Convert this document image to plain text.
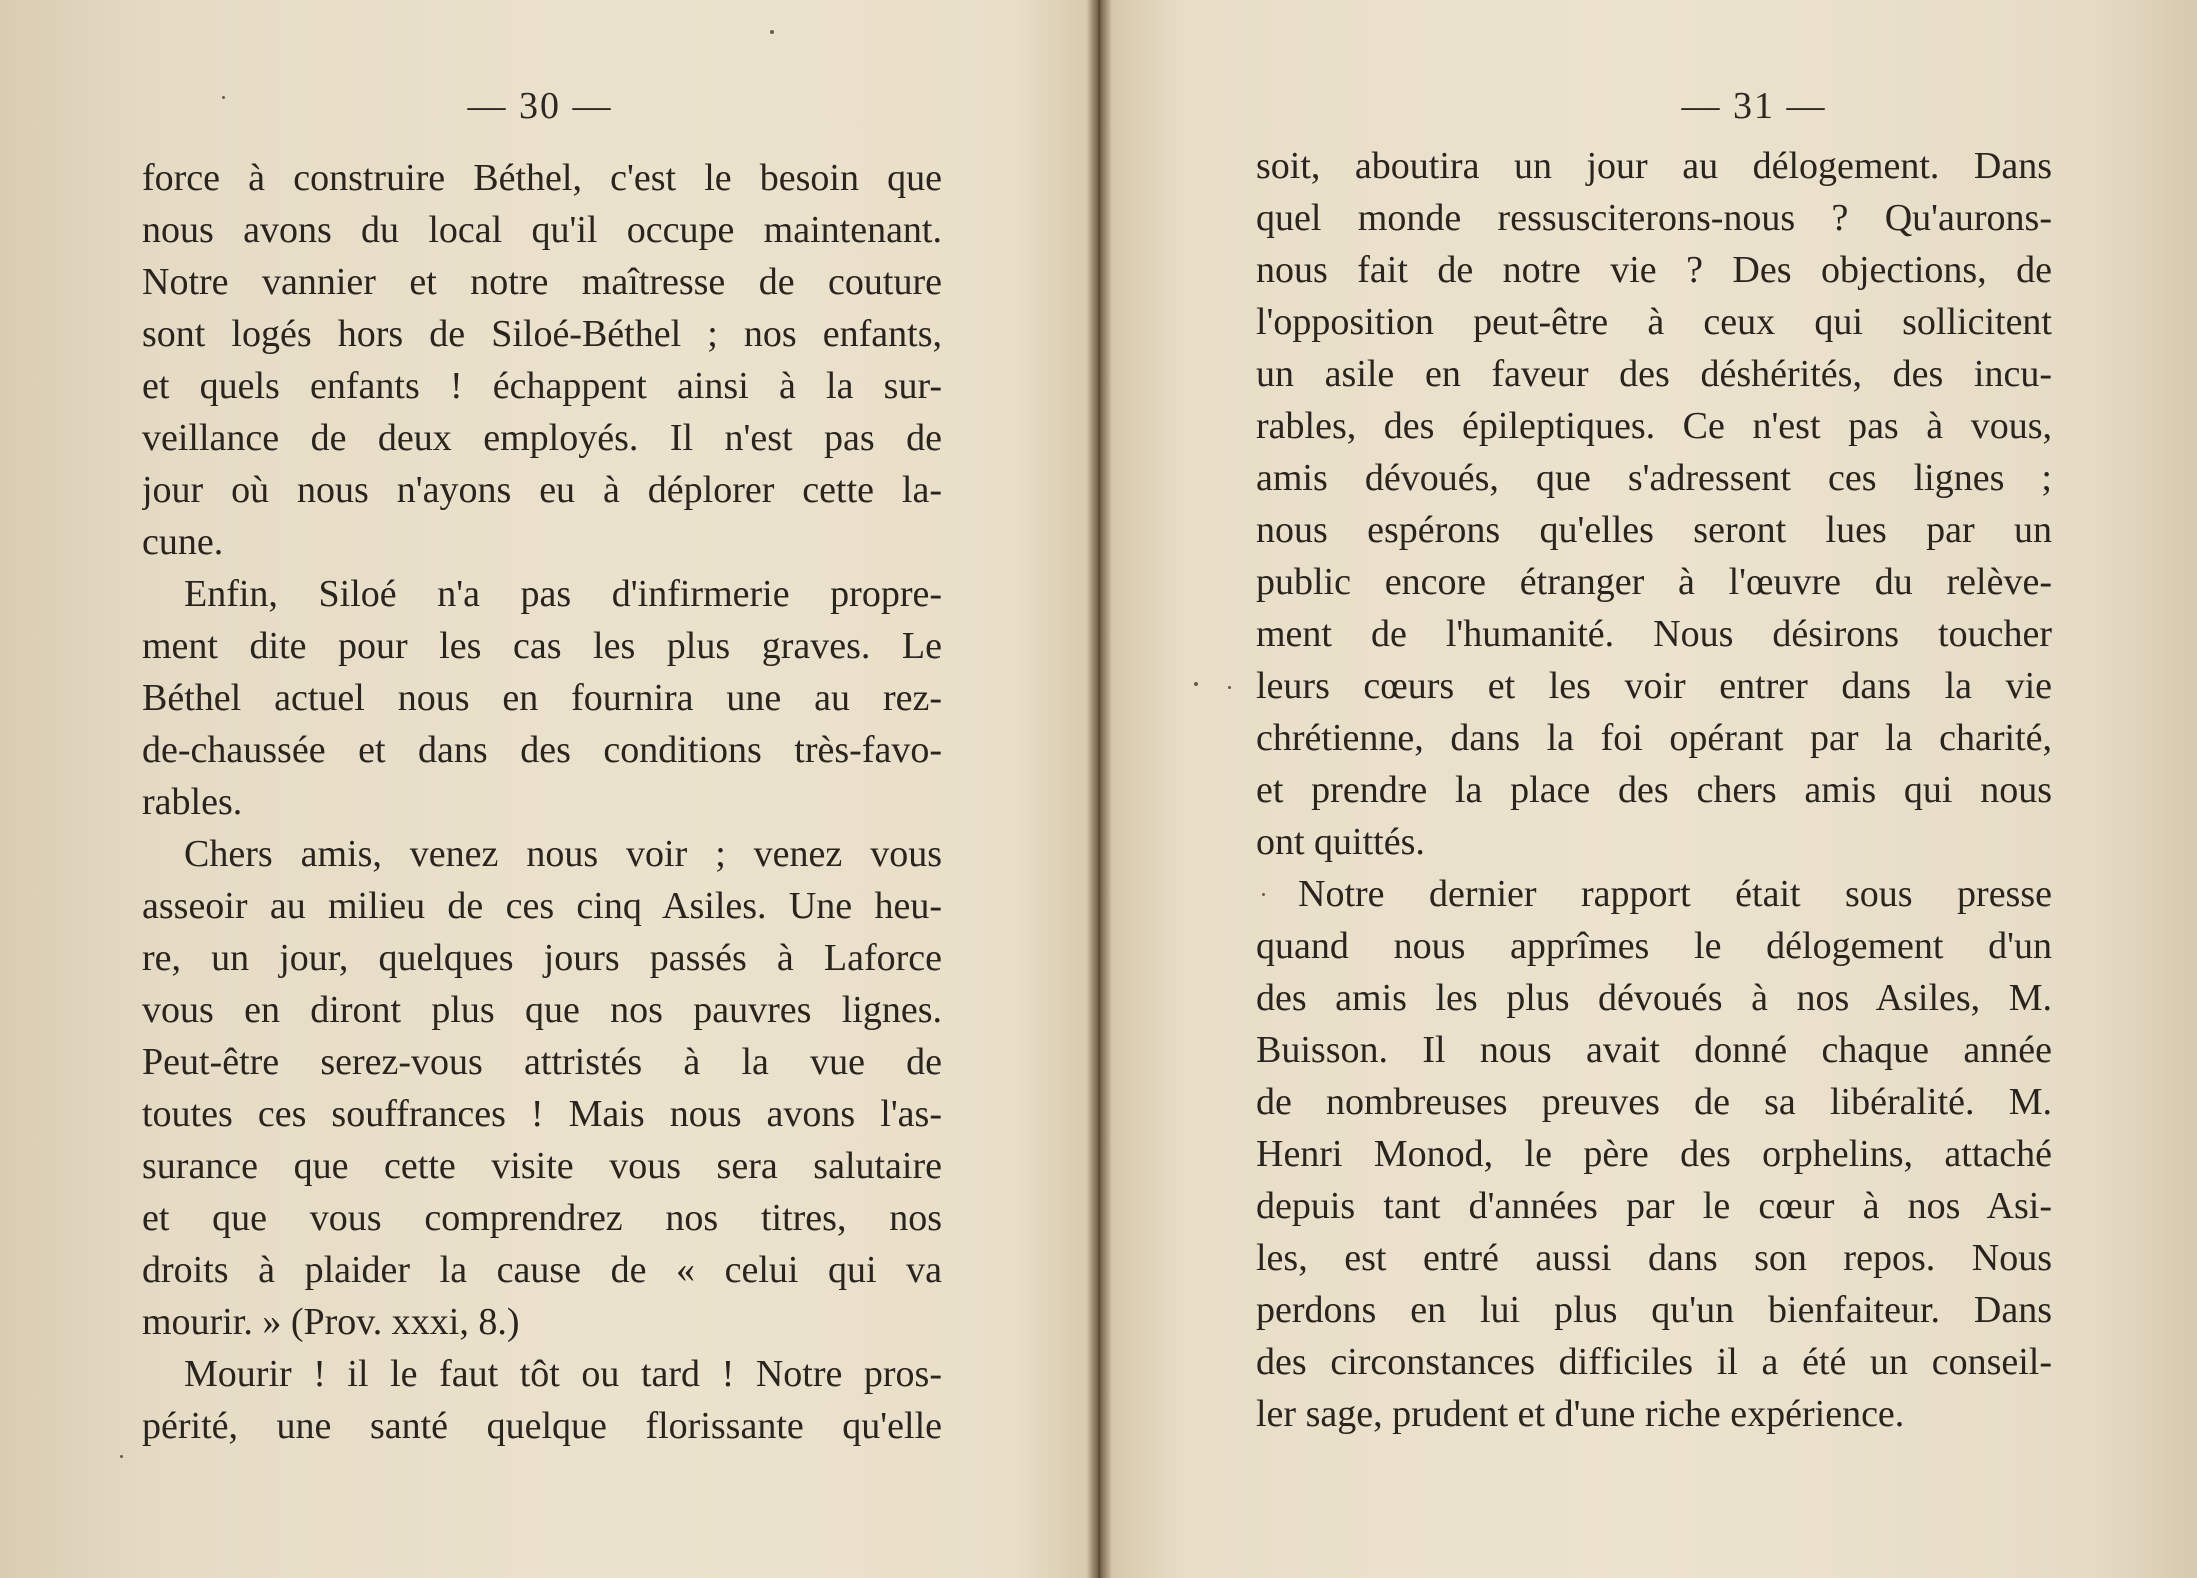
— 30 —
force à construire Béthel, c'est le besoin que
nous avons du local qu'il occupe maintenant.
Notre vannier et notre maîtresse de couture
sont logés hors de Siloé-Béthel ; nos enfants,
et quels enfants ! échappent ainsi à la sur-
veillance de deux employés. Il n'est pas de
jour où nous n'ayons eu à déplorer cette la-
cune.
Enfin, Siloé n'a pas d'infirmerie propre-
ment dite pour les cas les plus graves. Le
Béthel actuel nous en fournira une au rez-
de-chaussée et dans des conditions très-favo-
rables.
Chers amis, venez nous voir ; venez vous
asseoir au milieu de ces cinq Asiles. Une heu-
re, un jour, quelques jours passés à Laforce
vous en diront plus que nos pauvres lignes.
Peut-être serez-vous attristés à la vue de
toutes ces souffrances ! Mais nous avons l'as-
surance que cette visite vous sera salutaire
et que vous comprendrez nos titres, nos
droits à plaider la cause de « celui qui va
mourir. » (Prov. xxxi, 8.)
Mourir ! il le faut tôt ou tard ! Notre pros-
périté, une santé quelque florissante qu'elle
— 31 —
soit, aboutira un jour au délogement. Dans
quel monde ressusciterons-nous ? Qu'aurons-
nous fait de notre vie ? Des objections, de
l'opposition peut-être à ceux qui sollicitent
un asile en faveur des déshérités, des incu-
rables, des épileptiques. Ce n'est pas à vous,
amis dévoués, que s'adressent ces lignes ;
nous espérons qu'elles seront lues par un
public encore étranger à l'œuvre du relève-
ment de l'humanité. Nous désirons toucher
leurs cœurs et les voir entrer dans la vie
chrétienne, dans la foi opérant par la charité,
et prendre la place des chers amis qui nous
ont quittés.
Notre dernier rapport était sous presse
quand nous apprîmes le délogement d'un
des amis les plus dévoués à nos Asiles, M.
Buisson. Il nous avait donné chaque année
de nombreuses preuves de sa libéralité. M.
Henri Monod, le père des orphelins, attaché
depuis tant d'années par le cœur à nos Asi-
les, est entré aussi dans son repos. Nous
perdons en lui plus qu'un bienfaiteur. Dans
des circonstances difficiles il a été un conseil-
ler sage, prudent et d'une riche expérience.
